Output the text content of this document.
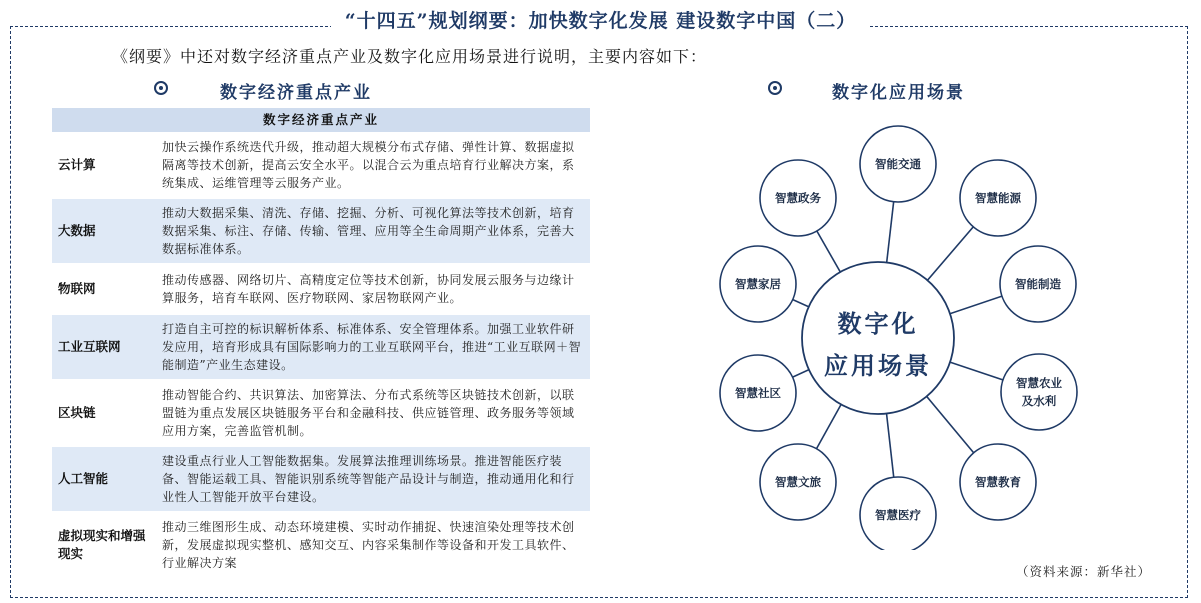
“十四五”规划纲要：加快数字化发展 建设数字中国（二）
《纲要》中还对数字经济重点产业及数字化应用场景进行说明，主要内容如下：
数字经济重点产业	数字化应用场景
数字经济重点产业	
云计算	加快云操作系统迭代升级，推动超大规模分布式存储、弹性计算、数据虚拟隔离等技术创新，提高云安全水平。以混合云为重点培育行业解决方案，系统集成、运维管理等云服务产业。
大数据	推动大数据采集、清洗、存储、挖掘、分析、可视化算法等技术创新，培育数据采集、标注、存储、传输、管理、应用等全生命周期产业体系，完善大数据标准体系。
物联网	推动传感器、网络切片、高精度定位等技术创新，协同发展云服务与边缘计算服务，培育车联网、医疗物联网、家居物联网产业。
工业互联网	打造自主可控的标识解析体系、标准体系、安全管理体系。加强工业软件研发应用，培育形成具有国际影响力的工业互联网平台，推进“工业互联网＋智能制造”产业生态建设。
区块链	推动智能合约、共识算法、加密算法、分布式系统等区块链技术创新，以联盟链为重点发展区块链服务平台和金融科技、供应链管理、政务服务等领域应用方案，完善监管机制。
人工智能	建设重点行业人工智能数据集。发展算法推理训练场景。推进智能医疗装备、智能运载工具、智能识别系统等智能产品设计与制造，推动通用化和行业性人工智能开放平台建设。
虚拟现实和增强现实	推动三维图形生成、动态环境建模、实时动作捕捉、快速渲染处理等技术创新，发展虚拟现实整机、感知交互、内容采集制作等设备和开发工具软件、行业解决方案
智能交通
智慧能源
智能制造
智慧农业
及水利
智慧教育
智慧医疗
智慧文旅
智慧社区
智慧家居
智慧政务
数字化
应用场景
（资料来源：新华社）
